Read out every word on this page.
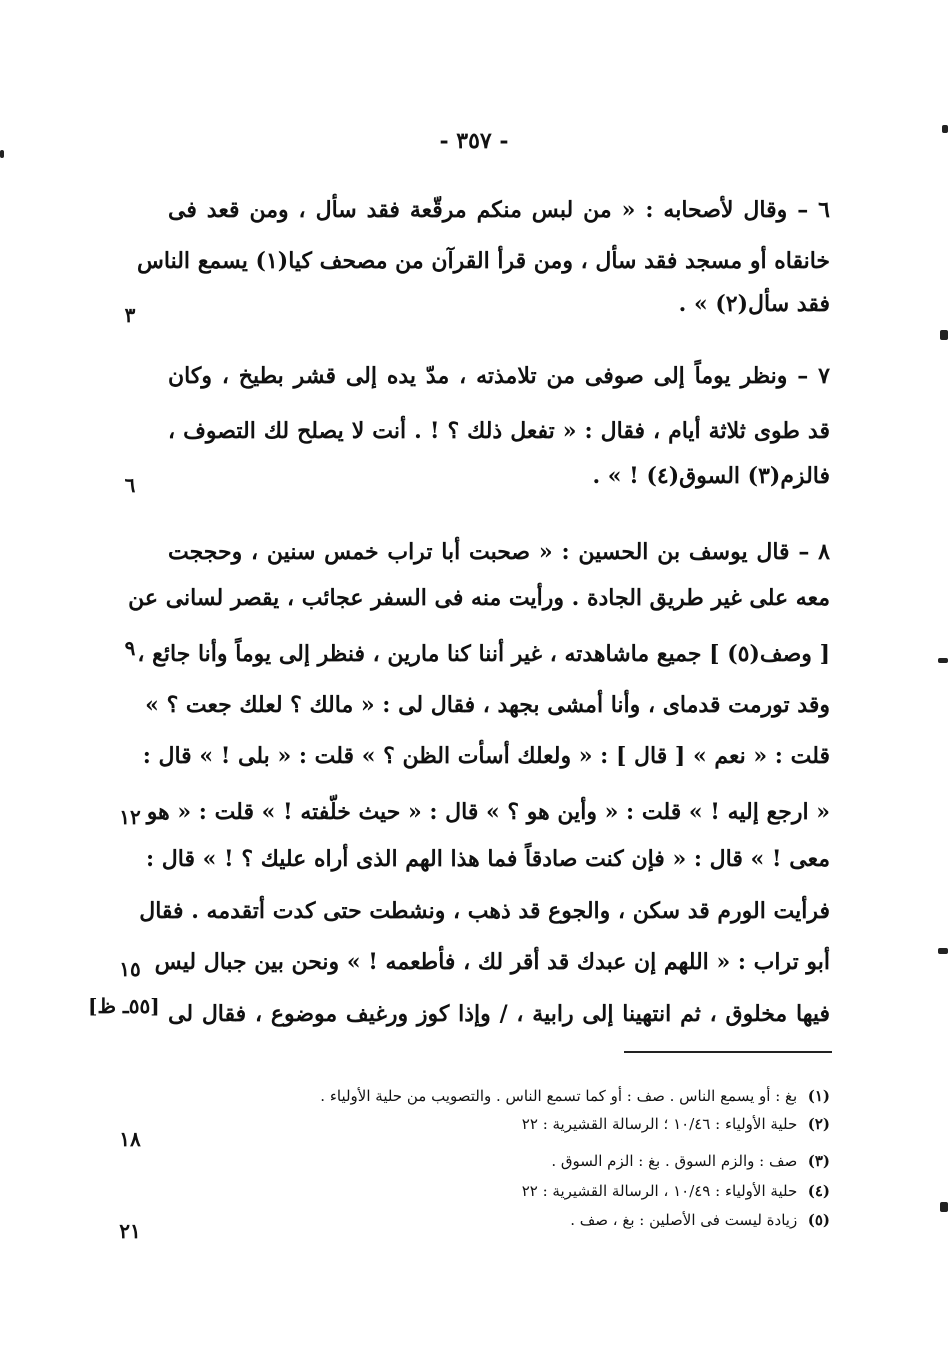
- ٣٥٧ -
٦ – وقال لأصحابه : « من لبس منكم مرقّعة فقد سأل ، ومن قعد فى
خانقاه أو مسجد فقد سأل ، ومن قرأ القرآن من مصحف كيا(١) يسمع الناس
فقد سأل(٢) » .
٧ – ونظر يوماً إلى صوفى من تلامذته ، مدّ يده إلى قشر بطيخ ، وكان
قد طوى ثلاثة أيام ، فقال : « تفعل ذلك ؟ ! . أنت لا يصلح لك التصوف ،
فالزم(٣) السوق(٤) ! » .
٨ – قال يوسف بن الحسين : « صحبت أبا تراب خمس سنين ، وحججت
معه على غير طريق الجادة . ورأيت منه فى السفر عجائب ، يقصر لسانى عن
[ وصف(٥) ] جميع ماشاهدته ، غير أننا كنا مارين ، فنظر إلى يوماً وأنا جائع ،
وقد تورمت قدماى ، وأنا أمشى بجهد ، فقال لى : « مالك ؟ لعلك جعت ؟ »
قلت : « نعم » [ قال ] : « ولعلك أسأت الظن ؟ » قلت : « بلى ! » قال :
« ارجع إليه ! » قلت : « وأين هو ؟ » قال : « حيث خلّفته ! » قلت : « هو
معى ! » قال : « فإن كنت صادقاً فما هذا الهم الذى أراه عليك ؟ ! » قال :
فرأيت الورم قد سكن ، والجوع قد ذهب ، ونشطت حتى كدت أتقدمه . فقال
أبو تراب : « اللهم إن عبدك قد أقر لك ، فأطعمه ! » ونحن بين جبال ليس
فيها مخلوق ، ثم انتهينا إلى رابية ، / وإذا كوز ورغيف موضوع ، فقال لى
٣
٦
٩
١٢
١٥
١٨
٢١
[٥٥ـ ظ]
(١) بغ : أو يسمع الناس . صف : أو كما تسمع الناس . والتصويب من حلية الأولياء .
(٢) حلية الأولياء : ١٠/٤٦ ؛ الرسالة القشيرية : ٢٢
(٣) صف : والزم السوق . بغ : الزم السوق .
(٤) حلية الأولياء : ١٠/٤٩ ، الرسالة القشيرية : ٢٢
(٥) زيادة ليست فى الأصلين : بغ ، صف .
